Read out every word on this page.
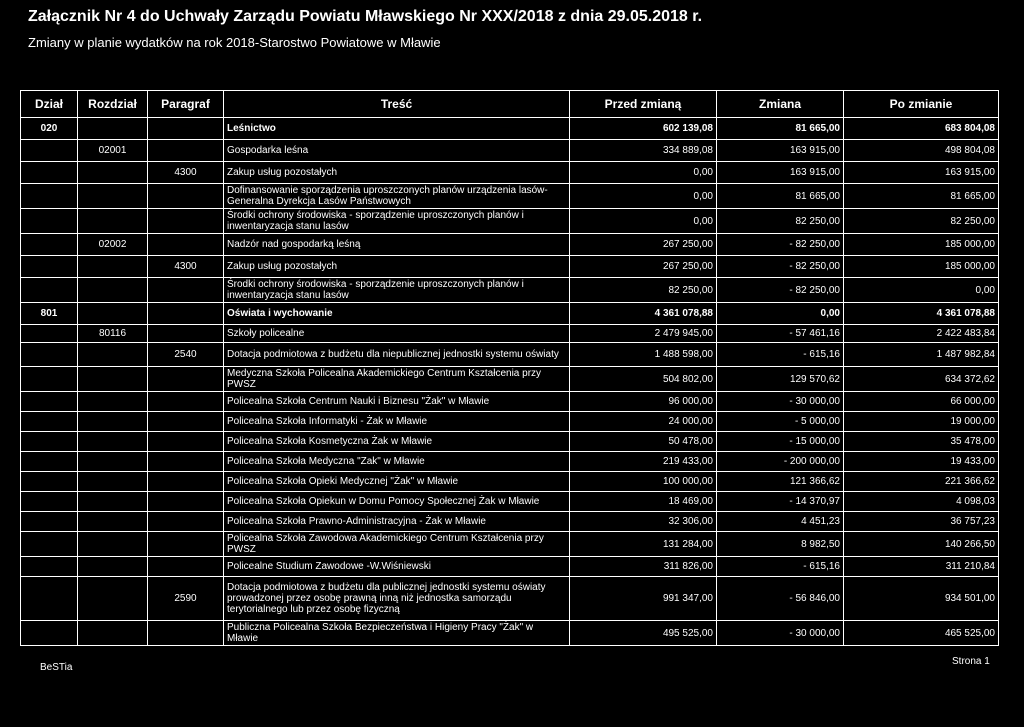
Załącznik Nr 4 do Uchwały Zarządu Powiatu Mławskiego Nr XXX/2018 z dnia 29.05.2018 r.
Zmiany w planie wydatków na rok 2018-Starostwo Powiatowe w Mławie
Dział	Rozdział	Paragraf	Treść	Przed zmianą	Zmiana	Po zmianie
020			Leśnictwo	602 139,08	81 665,00	683 804,08
	02001		Gospodarka leśna	334 889,08	163 915,00	498 804,08
		4300	Zakup usług pozostałych	0,00	163 915,00	163 915,00
			Dofinansowanie sporządzenia uproszczonych planów urządzenia lasów-Generalna Dyrekcja Lasów Państwowych	0,00	81 665,00	81 665,00
			Środki ochrony środowiska - sporządzenie uproszczonych planów i inwentaryzacja stanu lasów	0,00	82 250,00	82 250,00
	02002		Nadzór nad gospodarką leśną	267 250,00	- 82 250,00	185 000,00
		4300	Zakup usług pozostałych	267 250,00	- 82 250,00	185 000,00
			Środki ochrony środowiska - sporządzenie uproszczonych planów i inwentaryzacja stanu lasów	82 250,00	- 82 250,00	0,00
801			Oświata i wychowanie	4 361 078,88	0,00	4 361 078,88
	80116		Szkoły policealne	2 479 945,00	- 57 461,16	2 422 483,84
		2540	Dotacja podmiotowa z budżetu dla niepublicznej jednostki systemu oświaty	1 488 598,00	- 615,16	1 487 982,84
			Medyczna Szkoła Policealna Akademickiego Centrum Kształcenia przy PWSZ	504 802,00	129 570,62	634 372,62
			Policealna Szkoła Centrum Nauki i Biznesu "Żak" w Mławie	96 000,00	- 30 000,00	66 000,00
			Policealna Szkoła Informatyki - Żak w Mławie	24 000,00	- 5 000,00	19 000,00
			Policealna Szkoła Kosmetyczna Żak w Mławie	50 478,00	- 15 000,00	35 478,00
			Policealna Szkoła Medyczna "Zak" w Mławie	219 433,00	- 200 000,00	19 433,00
			Policealna Szkoła Opieki Medycznej "Żak" w Mławie	100 000,00	121 366,62	221 366,62
			Policealna Szkoła Opiekun w Domu Pomocy Społecznej Żak w Mławie	18 469,00	- 14 370,97	4 098,03
			Policealna Szkoła Prawno-Administracyjna - Żak w Mławie	32 306,00	4 451,23	36 757,23
			Policealna Szkoła Zawodowa Akademickiego Centrum Kształcenia przy PWSZ	131 284,00	8 982,50	140 266,50
			Policealne Studium Zawodowe -W.Wiśniewski	311 826,00	- 615,16	311 210,84
		2590	Dotacja podmiotowa z budżetu dla publicznej jednostki systemu oświaty prowadzonej przez osobę prawną inną niż jednostka samorządu terytorialnego lub przez osobę fizyczną	991 347,00	- 56 846,00	934 501,00
			Publiczna Policealna Szkoła Bezpieczeństwa i Higieny Pracy "Żak" w Mławie	495 525,00	- 30 000,00	465 525,00
BeSTia
Strona 1
